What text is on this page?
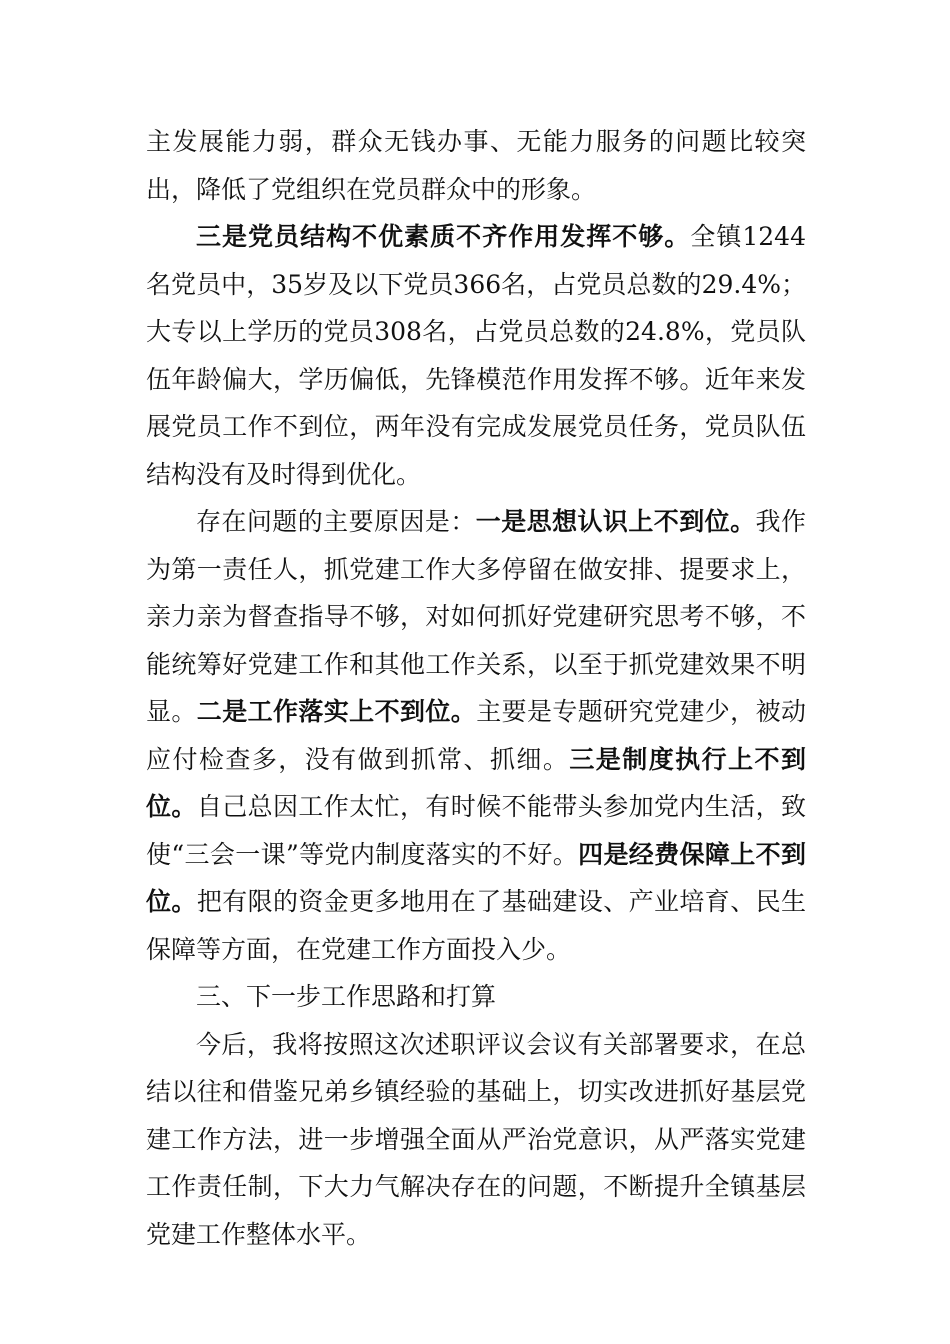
主发展能力弱，群众无钱办事、无能力服务的问题比较突出，降低了党组织在党员群众中的形象。

三是党员结构不优素质不齐作用发挥不够。全镇1244名党员中，35岁及以下党员366名，占党员总数的29.4%；大专以上学历的党员308名，占党员总数的24.8%，党员队伍年龄偏大，学历偏低，先锋模范作用发挥不够。近年来发展党员工作不到位，两年没有完成发展党员任务，党员队伍结构没有及时得到优化。

存在问题的主要原因是：一是思想认识上不到位。我作为第一责任人，抓党建工作大多停留在做安排、提要求上，亲力亲为督查指导不够，对如何抓好党建研究思考不够，不能统筹好党建工作和其他工作关系，以至于抓党建效果不明显。二是工作落实上不到位。主要是专题研究党建少，被动应付检查多，没有做到抓常、抓细。三是制度执行上不到位。自己总因工作太忙，有时候不能带头参加党内生活，致使“三会一课”等党内制度落实的不好。四是经费保障上不到位。把有限的资金更多地用在了基础建设、产业培育、民生保障等方面，在党建工作方面投入少。

三、下一步工作思路和打算

今后，我将按照这次述职评议会议有关部署要求，在总结以往和借鉴兄弟乡镇经验的基础上，切实改进抓好基层党建工作方法，进一步增强全面从严治党意识，从严落实党建工作责任制，下大力气解决存在的问题，不断提升全镇基层党建工作整体水平。
